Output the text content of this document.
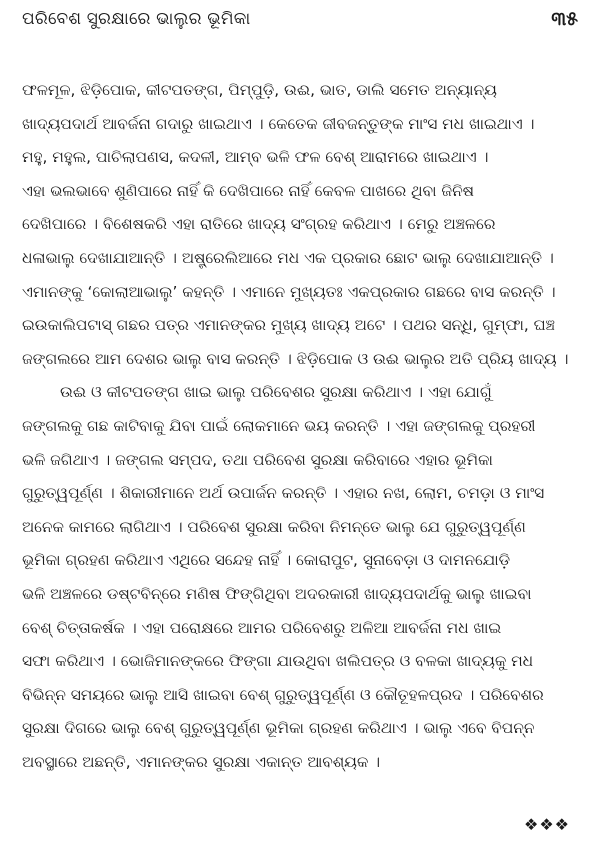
ପରିବେଶ ସୁରକ୍ଷାରେ ଭାଲୁର ଭୂମିକା	୩୫
ଫଳମୂଳ, ଝିଡ଼ିପୋକ, କୀଟପତଙ୍ଗ, ପିମ୍ପୁଡ଼ି, ଉଈ, ଭାତ, ଡାଲି ସମେତ ଅନ୍ୟାନ୍ୟ
ଖାଦ୍ୟପଦାର୍ଥ ଆବର୍ଜନା ଗଦାରୁ ଖାଇଥାଏ । କେତେକ ଜୀବଜନ୍ତୁଙ୍କ ମାଂସ ମଧ ଖାଇଥାଏ ।
ମହୁ, ମହୁଲ, ପାଚିଲାପଣସ, କଦଳୀ, ଆମ୍ବ ଭଳି ଫଳ ବେଶ୍ ଆରାମରେ ଖାଇଥାଏ ।
ଏହା ଭଲଭାବେ ଶୁଣିପାରେ ନାହିଁ କି ଦେଖିପାରେ ନାହିଁ କେବଳ ପାଖରେ ଥିବା ଜିନିଷ
ଦେଖିପାରେ । ବିଶେଷକରି ଏହା ରାତିରେ ଖାଦ୍ୟ ସଂଗ୍ରହ କରିଥାଏ । ମେରୁ ଅଞ୍ଚଳରେ
ଧଳାଭାଲୁ ଦେଖାଯାଆନ୍ତି । ଅଷ୍ଟ୍ରେଲିଆରେ ମଧ ଏକ ପ୍ରକାର ଛୋଟ ଭାଲୁ ଦେଖାଯାଆନ୍ତି ।
ଏମାନଙ୍କୁ ‘କୋଲାଆଭାଲୁ’ କହନ୍ତି । ଏମାନେ ମୁଖ୍ୟତଃ ଏକପ୍ରକାର ଗଛରେ ବାସ କରନ୍ତି ।
ଇଉକାଲିପଟାସ୍ ଗଛର ପତ୍ର ଏମାନଙ୍କର ମୁଖ୍ୟ ଖାଦ୍ୟ ଅଟେ । ପଥର ସନ୍ଧି, ଗୁମ୍ଫା, ଘଞ୍ଚ
ଜଙ୍ଗଲରେ ଆମ ଦେଶର ଭାଲୁ ବାସ କରନ୍ତି । ଝିଡ଼ିପୋକ ଓ ଉଈ ଭାଲୁର ଅତି ପ୍ରିୟ ଖାଦ୍ୟ ।
ଉଈ ଓ କୀଟପତଙ୍ଗ ଖାଇ ଭାଲୁ ପରିବେଶର ସୁରକ୍ଷା କରିଥାଏ । ଏହା ଯୋଗୁଁ
ଜଙ୍ଗଲକୁ ଗଛ କାଟିବାକୁ ଯିବା ପାଇଁ ଲୋକମାନେ ଭୟ କରନ୍ତି । ଏହା ଜଙ୍ଗଲକୁ ପ୍ରହରୀ
ଭଳି ଜଗିଥାଏ । ଜଙ୍ଗଲ ସମ୍ପଦ, ତଥା ପରିବେଶ ସୁରକ୍ଷା କରିବାରେ ଏହାର ଭୂମିକା
ଗୁରୁତ୍ୱପୂର୍ଣ୍ଣ । ଶିକାରୀମାନେ ଅର୍ଥ ଉପାର୍ଜନ କରନ୍ତି । ଏହାର ନଖ, ଲୋମ, ଚମଡ଼ା ଓ ମାଂସ
ଅନେକ କାମରେ ଲାଗିଥାଏ । ପରିବେଶ ସୁରକ୍ଷା କରିବା ନିମନ୍ତେ ଭାଲୁ ଯେ ଗୁରୁତ୍ୱପୂର୍ଣ୍ଣ
ଭୂମିକା ଗ୍ରହଣ କରିଥାଏ ଏଥିରେ ସନ୍ଦେହ ନାହିଁ । କୋରାପୁଟ, ସୁନାବେଡ଼ା ଓ ଦାମନଯୋଡ଼ି
ଭଳି ଅଞ୍ଚଳରେ ଡଷ୍ଟବିନ୍‌ରେ ମଣିଷ ଫିଙ୍ଗିଥିବା ଅଦରକାରୀ ଖାଦ୍ୟପଦାର୍ଥକୁ ଭାଲୁ ଖାଇବା
ବେଶ୍ ଚିତ୍ତାକର୍ଷକ । ଏହା ପରୋକ୍ଷରେ ଆମର ପରିବେଶରୁ ଅଳିଆ ଆବର୍ଜନା ମଧ ଖାଇ
ସଫା କରିଥାଏ । ଭୋଜିମାନଙ୍କରେ ଫିଙ୍ଗା ଯାଉଥିବା ଖଲିପତ୍ର ଓ ବଳକା ଖାଦ୍ୟକୁ ମଧ
ବିଭିନ୍ନ ସମୟରେ ଭାଲୁ ଆସି ଖାଇବା ବେଶ୍ ଗୁରୁତ୍ୱପୂର୍ଣ୍ଣ ଓ କୌତୂହଳପ୍ରଦ । ପରିବେଶର
ସୁରକ୍ଷା ଦିଗରେ ଭାଲୁ ବେଶ୍ ଗୁରୁତ୍ୱପୂର୍ଣ୍ଣ ଭୂମିକା ଗ୍ରହଣ କରିଥାଏ । ଭାଲୁ ଏବେ ବିପନ୍ନ
ଅବସ୍ଥାରେ ଅଛନ୍ତି, ଏମାନଙ୍କର ସୁରକ୍ଷା ଏକାନ୍ତ ଆବଶ୍ୟକ ।
❖❖❖
